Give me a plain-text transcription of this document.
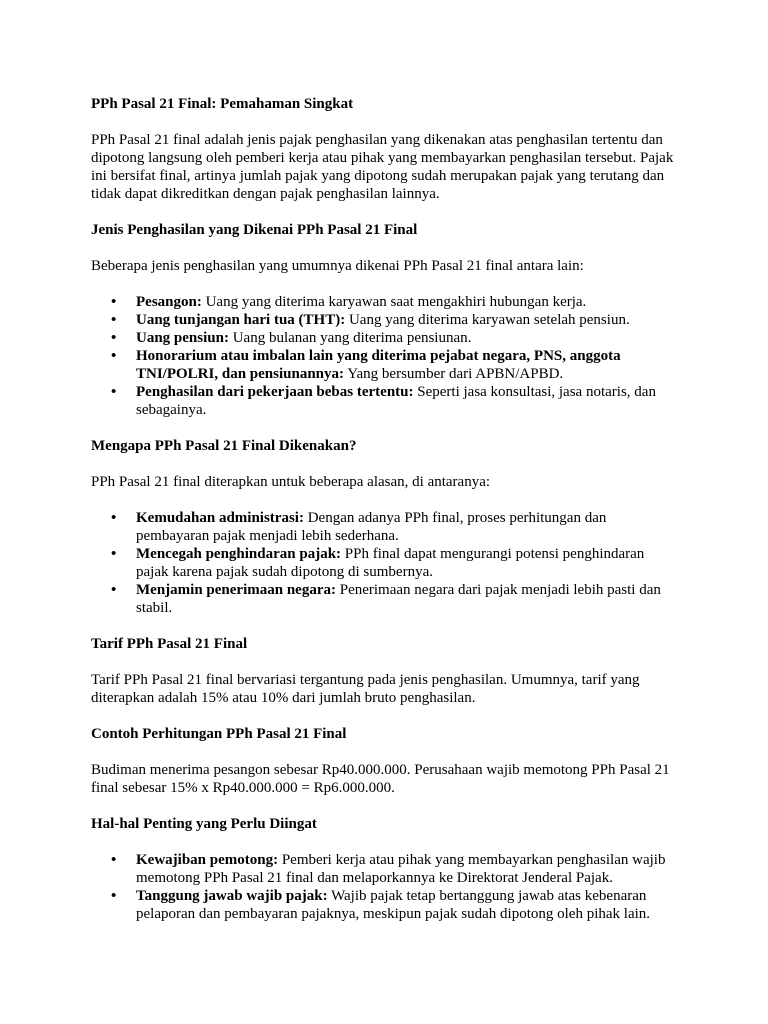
PPh Pasal 21 Final: Pemahaman Singkat

PPh Pasal 21 final adalah jenis pajak penghasilan yang dikenakan atas penghasilan tertentu dan dipotong langsung oleh pemberi kerja atau pihak yang membayarkan penghasilan tersebut. Pajak ini bersifat final, artinya jumlah pajak yang dipotong sudah merupakan pajak yang terutang dan tidak dapat dikreditkan dengan pajak penghasilan lainnya.

Jenis Penghasilan yang Dikenai PPh Pasal 21 Final

Beberapa jenis penghasilan yang umumnya dikenai PPh Pasal 21 final antara lain:

• Pesangon: Uang yang diterima karyawan saat mengakhiri hubungan kerja.
• Uang tunjangan hari tua (THT): Uang yang diterima karyawan setelah pensiun.
• Uang pensiun: Uang bulanan yang diterima pensiunan.
• Honorarium atau imbalan lain yang diterima pejabat negara, PNS, anggota TNI/POLRI, dan pensiunannya: Yang bersumber dari APBN/APBD.
• Penghasilan dari pekerjaan bebas tertentu: Seperti jasa konsultasi, jasa notaris, dan sebagainya.
Mengapa PPh Pasal 21 Final Dikenakan?

PPh Pasal 21 final diterapkan untuk beberapa alasan, di antaranya:

• Kemudahan administrasi: Dengan adanya PPh final, proses perhitungan dan pembayaran pajak menjadi lebih sederhana.
• Mencegah penghindaran pajak: PPh final dapat mengurangi potensi penghindaran pajak karena pajak sudah dipotong di sumbernya.
• Menjamin penerimaan negara: Penerimaan negara dari pajak menjadi lebih pasti dan stabil.
Tarif PPh Pasal 21 Final

Tarif PPh Pasal 21 final bervariasi tergantung pada jenis penghasilan. Umumnya, tarif yang diterapkan adalah 15% atau 10% dari jumlah bruto penghasilan.

Contoh Perhitungan PPh Pasal 21 Final

Budiman menerima pesangon sebesar Rp40.000.000. Perusahaan wajib memotong PPh Pasal 21 final sebesar 15% x Rp40.000.000 = Rp6.000.000.

Hal-hal Penting yang Perlu Diingat
• Kewajiban pemotong: Pemberi kerja atau pihak yang membayarkan penghasilan wajib memotong PPh Pasal 21 final dan melaporkannya ke Direktorat Jenderal Pajak.
• Tanggung jawab wajib pajak: Wajib pajak tetap bertanggung jawab atas kebenaran pelaporan dan pembayaran pajaknya, meskipun pajak sudah dipotong oleh pihak lain.
